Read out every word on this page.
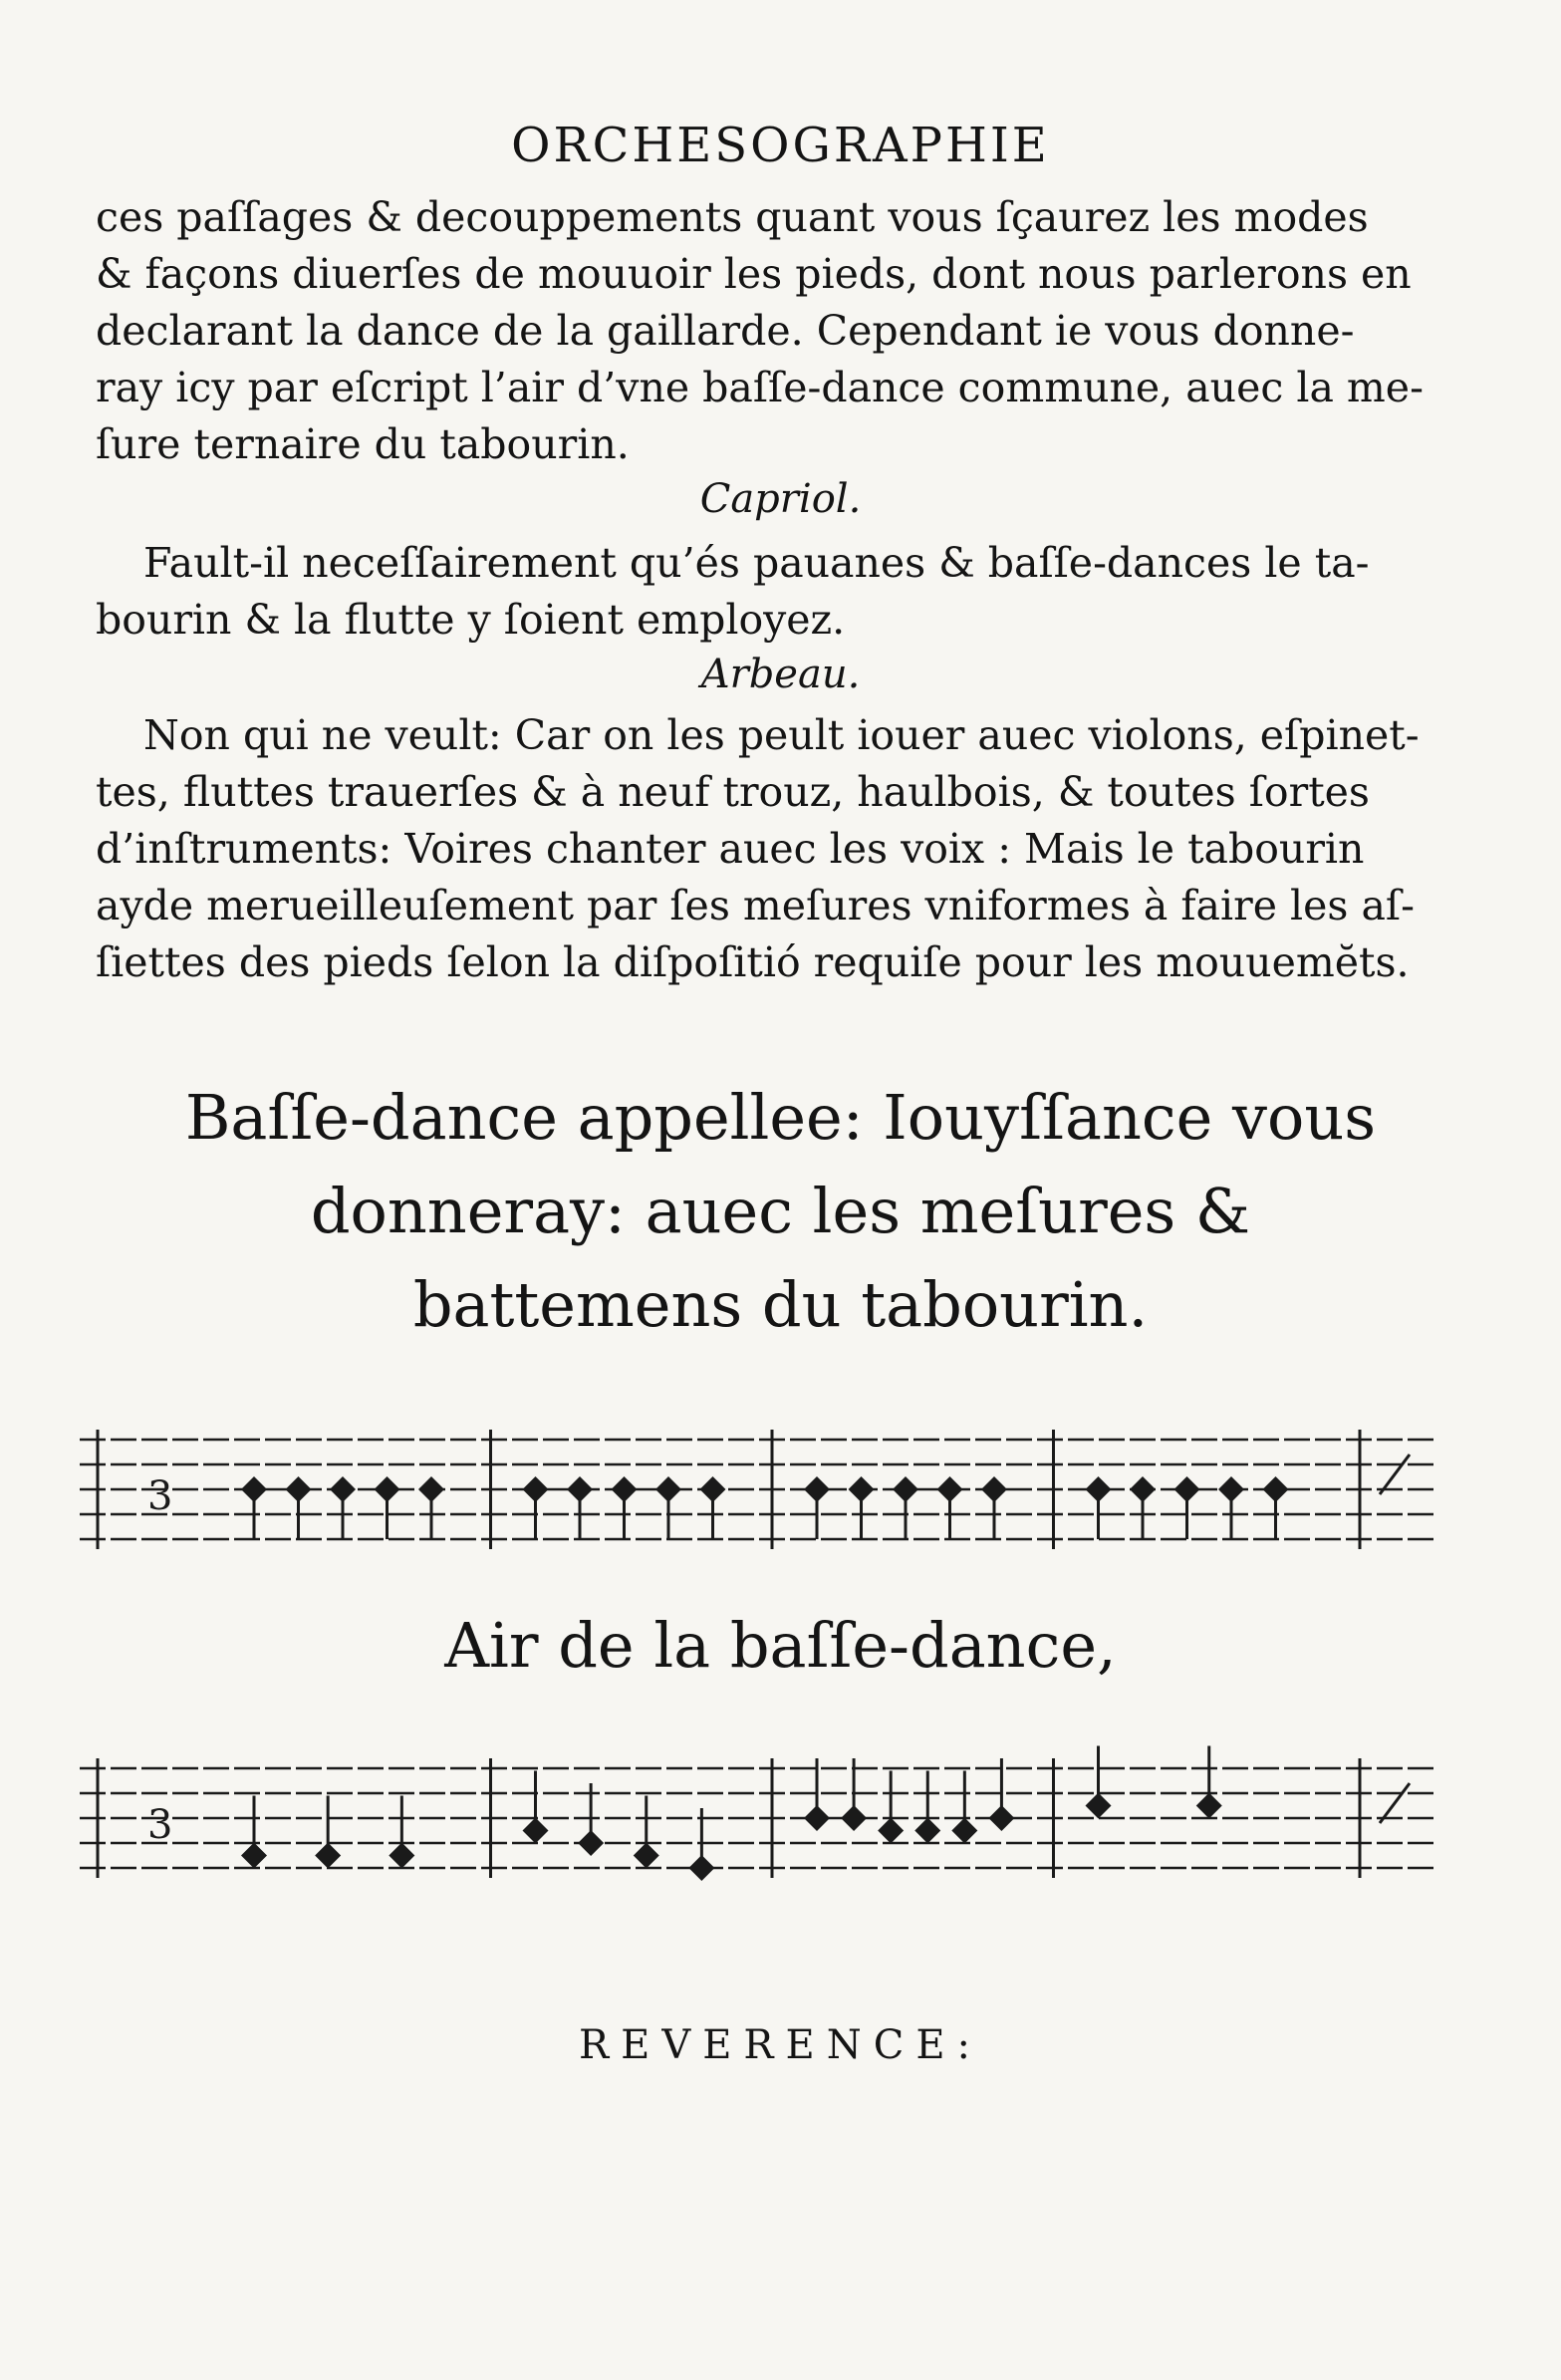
ORCHESOGRAPHIE
ces paſſages & decouppements quant vous ſçaurez les modes
& façons diuerſes de mouuoir les pieds, dont nous parlerons en
declarant la dance de la gaillarde. Cependant ie vous donne-
ray icy par eſcript l’air d’vne baſſe-dance commune, auec la me-
ſure ternaire du tabourin.
Capriol.
Fault-il neceſſairement qu’és pauanes & baſſe-dances le ta-
bourin & la flutte y ſoient employez.
Arbeau.
Non qui ne veult: Car on les peult iouer auec violons, eſpinet-
tes, fluttes trauerſes & à neuf trouz, haulbois, & toutes ſortes
d’inſtruments: Voires chanter auec les voix : Mais le tabourin
ayde merueilleuſement par ſes meſures vniformes à faire les aſ-
ſiettes des pieds ſelon la diſpoſitió requiſe pour les mouuemĕts.
Baſſe-dance appellee: Iouyſſance vous
donneray: auec les meſures &
battemens du tabourin.
3
Air de la baſſe-dance,
3
REVERENCE:
